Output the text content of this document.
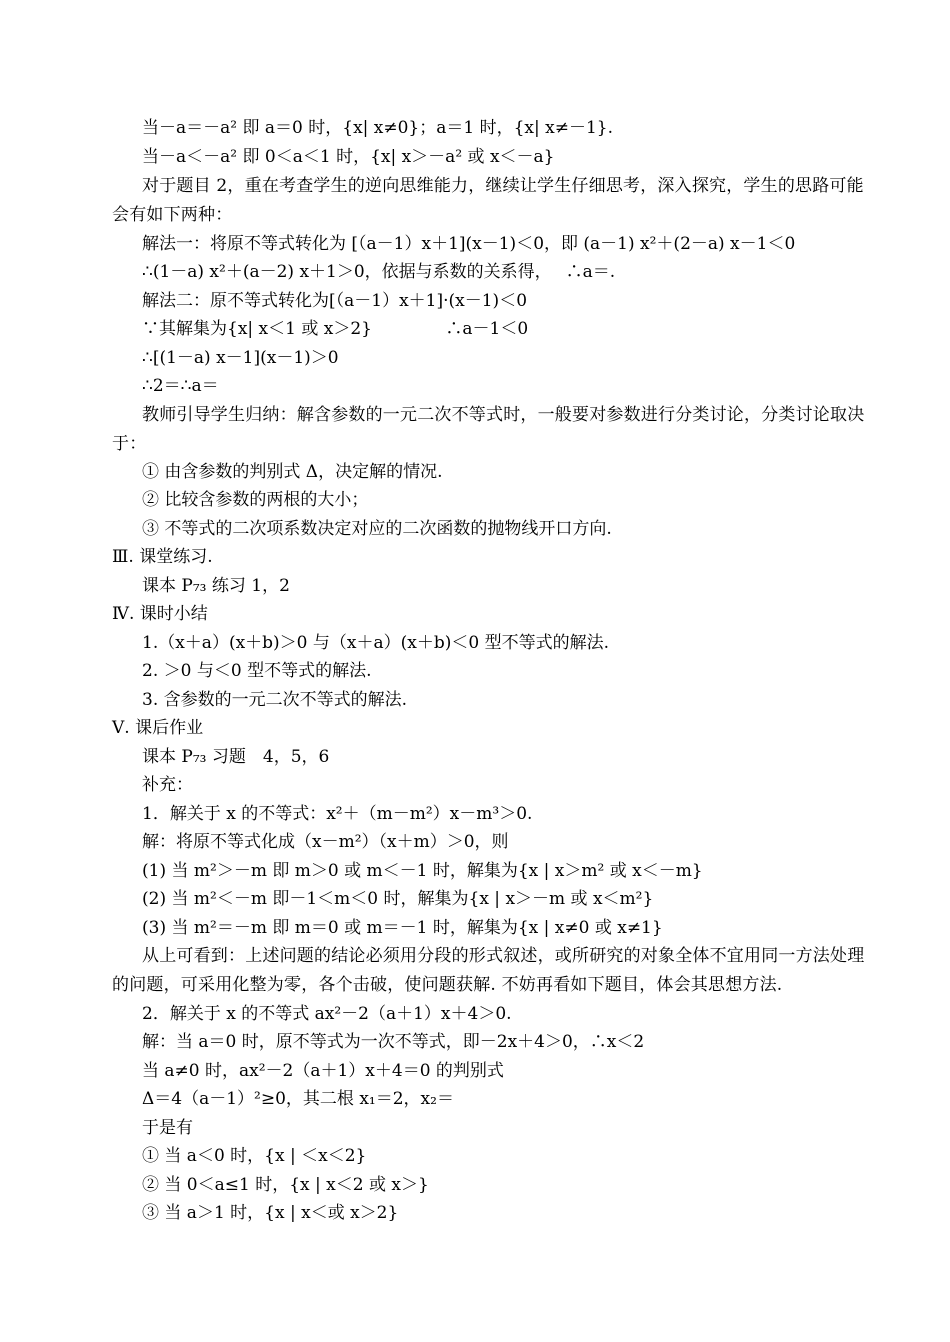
当－a＝－a² 即 a＝0 时，{x| x≠0}；a＝1 时，{x| x≠－1}.
当－a＜－a² 即 0＜a＜1 时，{x| x＞－a² 或 x＜－a}
对于题目 2，重在考查学生的逆向思维能力，继续让学生仔细思考，深入探究，学生的思路可能会有如下两种：
解法一：将原不等式转化为 [（a－1）x＋1](x－1)＜0，即 (a－1) x²＋(2－a) x－1＜0
∴(1－a) x²＋(a－2) x＋1＞0，依据与系数的关系得，　 ∴a＝.
解法二：原不等式转化为[（a－1）x＋1]·(x－1)＜0
∵其解集为{x| x＜1 或 x＞2}　　　　 ∴a－1＜0
∴[(1－a) x－1](x－1)＞0
∴2＝∴a＝
教师引导学生归纳：解含参数的一元二次不等式时，一般要对参数进行分类讨论，分类讨论取决于：
① 由含参数的判别式 Δ，决定解的情况.
② 比较含参数的两根的大小；
③ 不等式的二次项系数决定对应的二次函数的抛物线开口方向.
Ⅲ. 课堂练习.
课本 P₇₃ 练习 1，2
Ⅳ. 课时小结
1.（x＋a）(x＋b)＞0 与（x＋a）(x＋b)＜0 型不等式的解法.
2. ＞0 与＜0 型不等式的解法.
3. 含参数的一元二次不等式的解法.
Ⅴ. 课后作业
课本 P₇₃ 习题　4，5，6
补充：
1．解关于 x 的不等式：x²＋（m－m²）x－m³＞0.
解：将原不等式化成（x－m²）（x＋m）＞0，则
(1) 当 m²＞－m 即 m＞0 或 m＜－1 时，解集为{x | x＞m² 或 x＜－m}
(2) 当 m²＜－m 即－1＜m＜0 时，解集为{x | x＞－m 或 x＜m²}
(3) 当 m²＝－m 即 m＝0 或 m＝－1 时，解集为{x | x≠0 或 x≠1}
从上可看到：上述问题的结论必须用分段的形式叙述，或所研究的对象全体不宜用同一方法处理的问题，可采用化整为零，各个击破，使问题获解. 不妨再看如下题目，体会其思想方法.
2．解关于 x 的不等式 ax²－2（a＋1）x＋4＞0.
解：当 a＝0 时，原不等式为一次不等式，即－2x＋4＞0，∴x＜2
当 a≠0 时，ax²－2（a＋1）x＋4＝0 的判别式
Δ＝4（a－1）²≥0，其二根 x₁＝2，x₂＝
于是有
① 当 a＜0 时，{x | ＜x＜2}
② 当 0＜a≤1 时，{x | x＜2 或 x＞}
③ 当 a＞1 时，{x | x＜或 x＞2}
